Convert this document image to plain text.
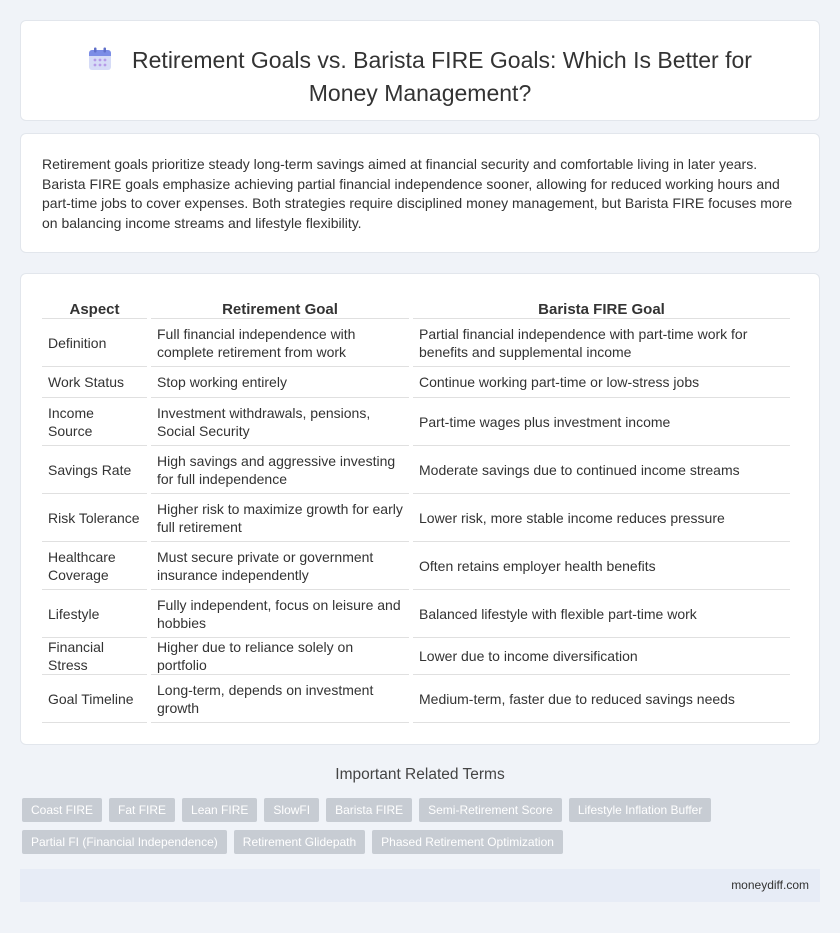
Retirement Goals vs. Barista FIRE Goals: Which Is Better for Money Management?

Retirement goals prioritize steady long-term savings aimed at financial security and comfortable living in later years. Barista FIRE goals emphasize achieving partial financial independence sooner, allowing for reduced working hours and part-time jobs to cover expenses. Both strategies require disciplined money management, but Barista FIRE focuses more on balancing income streams and lifestyle flexibility.

Aspect	Retirement Goal	Barista FIRE Goal
Definition	Full financial independence with complete retirement from work	Partial financial independence with part-time work for benefits and supplemental income
Work Status	Stop working entirely	Continue working part-time or low-stress jobs
Income Source	Investment withdrawals, pensions, Social Security	Part-time wages plus investment income
Savings Rate	High savings and aggressive investing for full independence	Moderate savings due to continued income streams
Risk Tolerance	Higher risk to maximize growth for early full retirement	Lower risk, more stable income reduces pressure
Healthcare Coverage	Must secure private or government insurance independently	Often retains employer health benefits
Lifestyle	Fully independent, focus on leisure and hobbies	Balanced lifestyle with flexible part-time work
Financial Stress	Higher due to reliance solely on portfolio	Lower due to income diversification
Goal Timeline	Long-term, depends on investment growth	Medium-term, faster due to reduced savings needs
Important Related Terms
Coast FIRE	Fat FIRE	Lean FIRE	SlowFI	Barista FIRE	Semi-Retirement Score	Lifestyle Inflation Buffer
Partial FI (Financial Independence)	Retirement Glidepath	Phased Retirement Optimization
moneydiff.com
